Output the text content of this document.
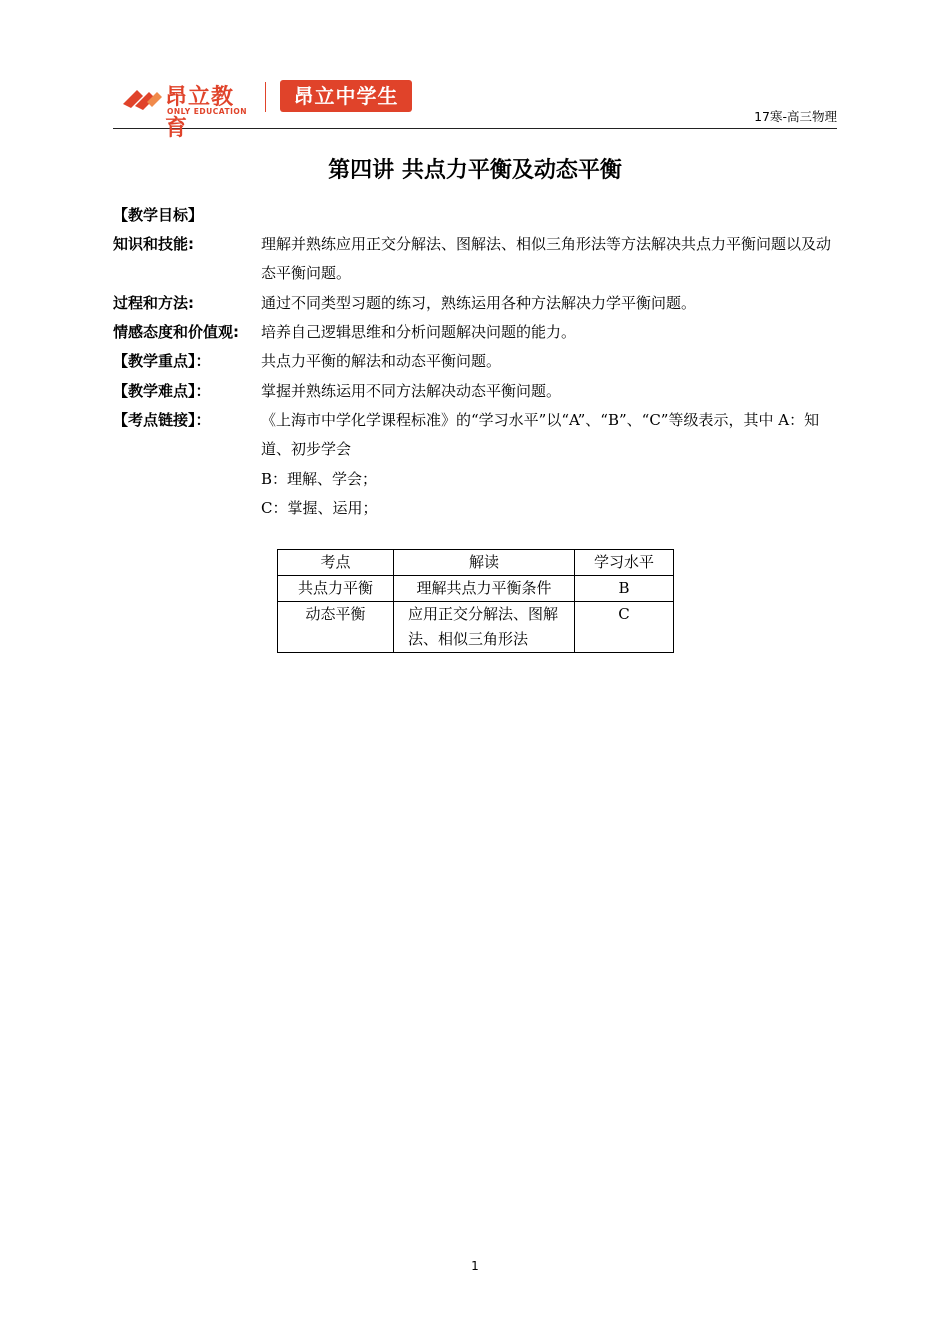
昂立教育
ONLY EDUCATION
昂立中学生
17寒-高三物理
第四讲 共点力平衡及动态平衡
【教学目标】
知识和技能:	理解并熟练应用正交分解法、图解法、相似三角形法等方法解决共点力平衡问题以及动态平衡问题。
过程和方法:	通过不同类型习题的练习，熟练运用各种方法解决力学平衡问题。
情感态度和价值观: 培养自己逻辑思维和分析问题解决问题的能力。
【教学重点】：	共点力平衡的解法和动态平衡问题。
【教学难点】：	掌握并熟练运用不同方法解决动态平衡问题。
【考点链接】：	《上海市中学化学课程标准》的“学习水平”以“A”、“B”、“C”等级表示，其中 A：知道、初步学会
B：理解、学会；
C：掌握、运用；
考点	解读	学习水平
共点力平衡	理解共点力平衡条件	B
动态平衡	应用正交分解法、图解法、相似三角形法	C
1
